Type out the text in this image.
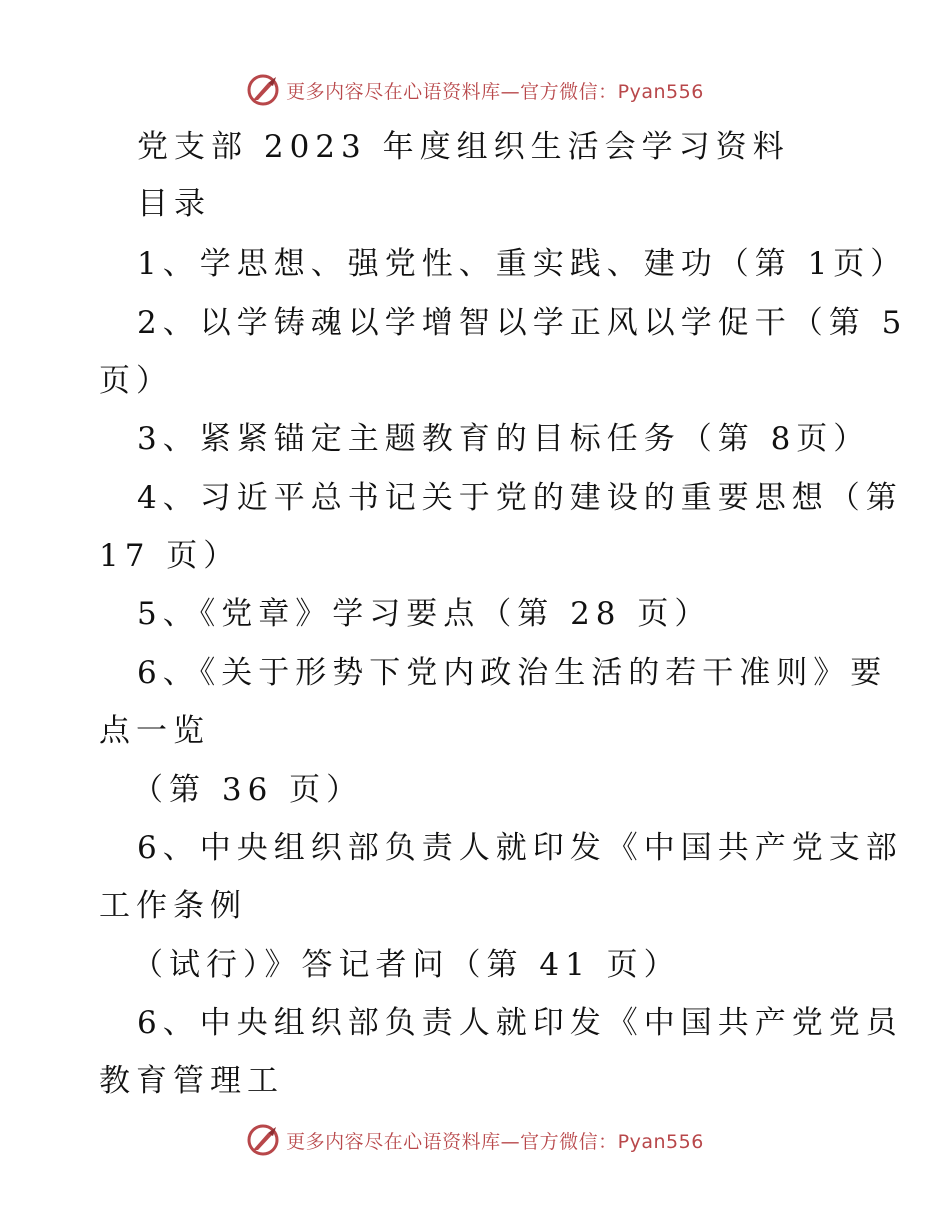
更多内容尽在心语资料库—官方微信：Pyan556
党支部 2023 年度组织生活会学习资料
目录
1、学思想、强党性、重实践、建功（第 1页）
2、以学铸魂以学增智以学正风以学促干（第 5
页）
3、紧紧锚定主题教育的目标任务（第 8页）
4、习近平总书记关于党的建设的重要思想（第
17 页）
5、《党章》学习要点（第 28 页）
6、《关于形势下党内政治生活的若干准则》要
点一览
（第 36 页）
6、中央组织部负责人就印发《中国共产党支部
工作条例
（试行）》答记者问（第 41 页）
6、中央组织部负责人就印发《中国共产党党员
教育管理工
更多内容尽在心语资料库—官方微信：Pyan556
